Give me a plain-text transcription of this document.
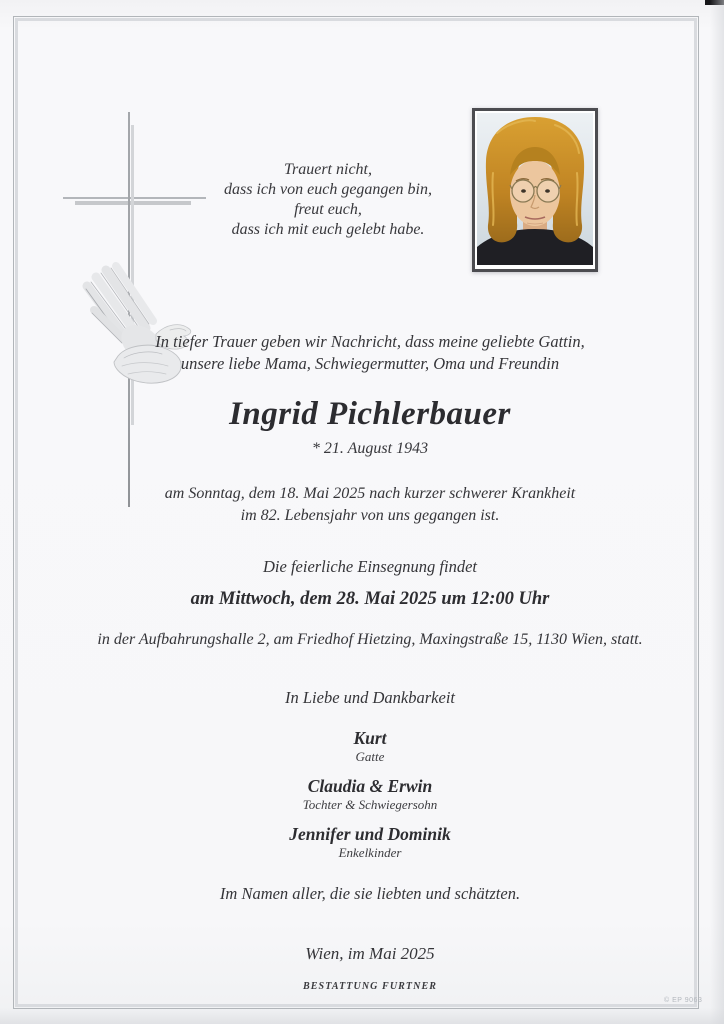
Trauert nicht,
dass ich von euch gegangen bin,
freut euch,
dass ich mit euch gelebt habe.
In tiefer Trauer geben wir Nachricht, dass meine geliebte Gattin,
unsere liebe Mama, Schwiegermutter, Oma und Freundin
Ingrid Pichlerbauer
* 21. August 1943
am Sonntag, dem 18. Mai 2025 nach kurzer schwerer Krankheit
im 82. Lebensjahr von uns gegangen ist.
Die feierliche Einsegnung findet
am Mittwoch, dem 28. Mai 2025 um 12:00 Uhr
in der Aufbahrungshalle 2, am Friedhof Hietzing, Maxingstraße 15, 1130 Wien, statt.
In Liebe und Dankbarkeit
Kurt
Gatte
Claudia & Erwin
Tochter & Schwiegersohn
Jennifer und Dominik
Enkelkinder
Im Namen aller, die sie liebten und schätzten.
Wien, im Mai 2025
BESTATTUNG FURTNER
© EP 9063
